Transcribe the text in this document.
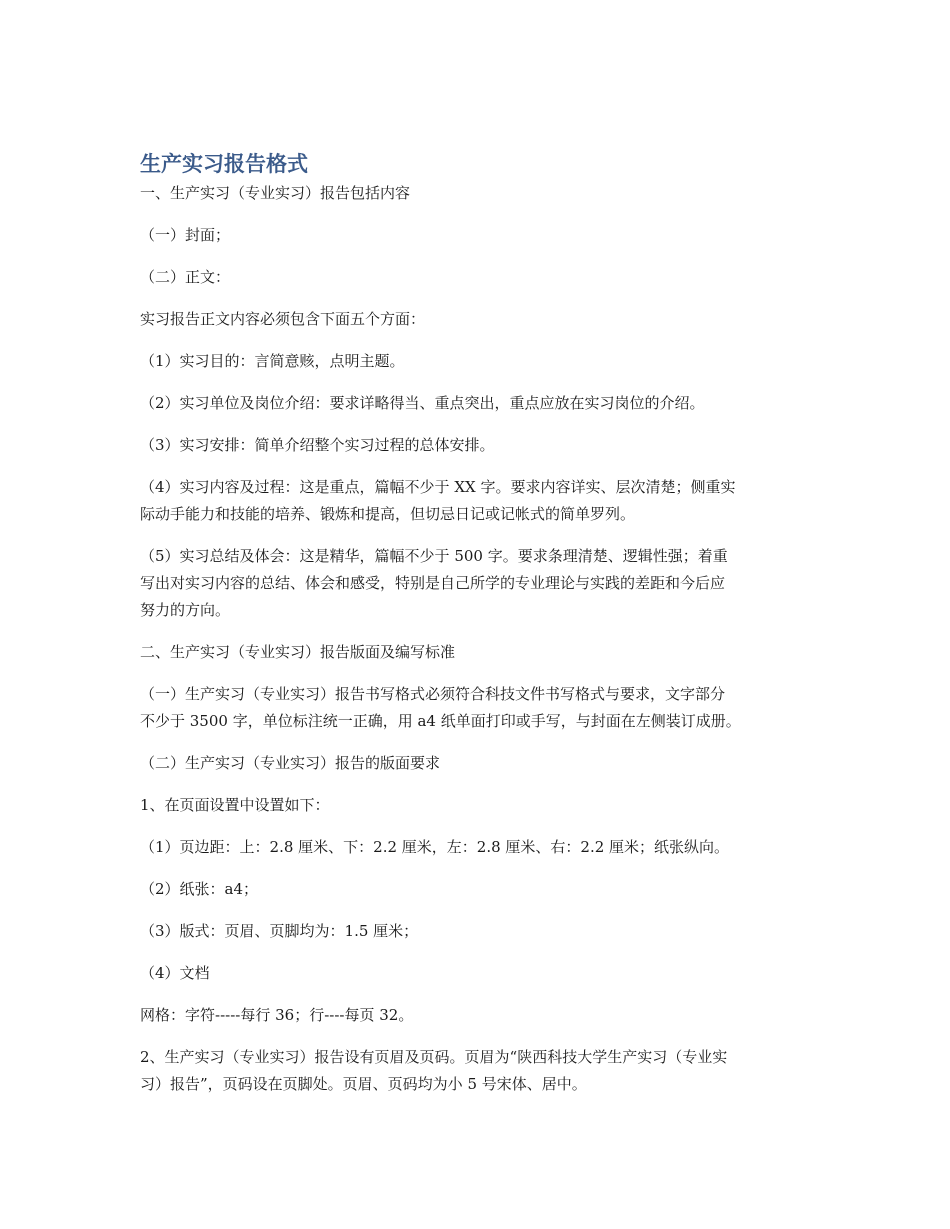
生产实习报告格式

一、生产实习（专业实习）报告包括内容

（一）封面；

（二）正文：

实习报告正文内容必须包含下面五个方面：

（1）实习目的：言简意赅，点明主题。

（2）实习单位及岗位介绍：要求详略得当、重点突出，重点应放在实习岗位的介绍。

（3）实习安排：简单介绍整个实习过程的总体安排。

（4）实习内容及过程：这是重点，篇幅不少于 XX 字。要求内容详实、层次清楚；侧重实

际动手能力和技能的培养、锻炼和提高，但切忌日记或记帐式的简单罗列。

（5）实习总结及体会：这是精华，篇幅不少于 500 字。要求条理清楚、逻辑性强；着重

写出对实习内容的总结、体会和感受，特别是自己所学的专业理论与实践的差距和今后应

努力的方向。

二、生产实习（专业实习）报告版面及编写标准

（一）生产实习（专业实习）报告书写格式必须符合科技文件书写格式与要求，文字部分

不少于 3500 字，单位标注统一正确，用 a4 纸单面打印或手写，与封面在左侧装订成册。

（二）生产实习（专业实习）报告的版面要求

1、在页面设置中设置如下：

（1）页边距：上：2.8 厘米、下：2.2 厘米，左：2.8 厘米、右：2.2 厘米；纸张纵向。

（2）纸张：a4；

（3）版式：页眉、页脚均为：1.5 厘米；

（4）文档

网格：字符-----每行 36；行----每页 32。

2、生产实习（专业实习）报告设有页眉及页码。页眉为“陕西科技大学生产实习（专业实

习）报告”，页码设在页脚处。页眉、页码均为小 5 号宋体、居中。
